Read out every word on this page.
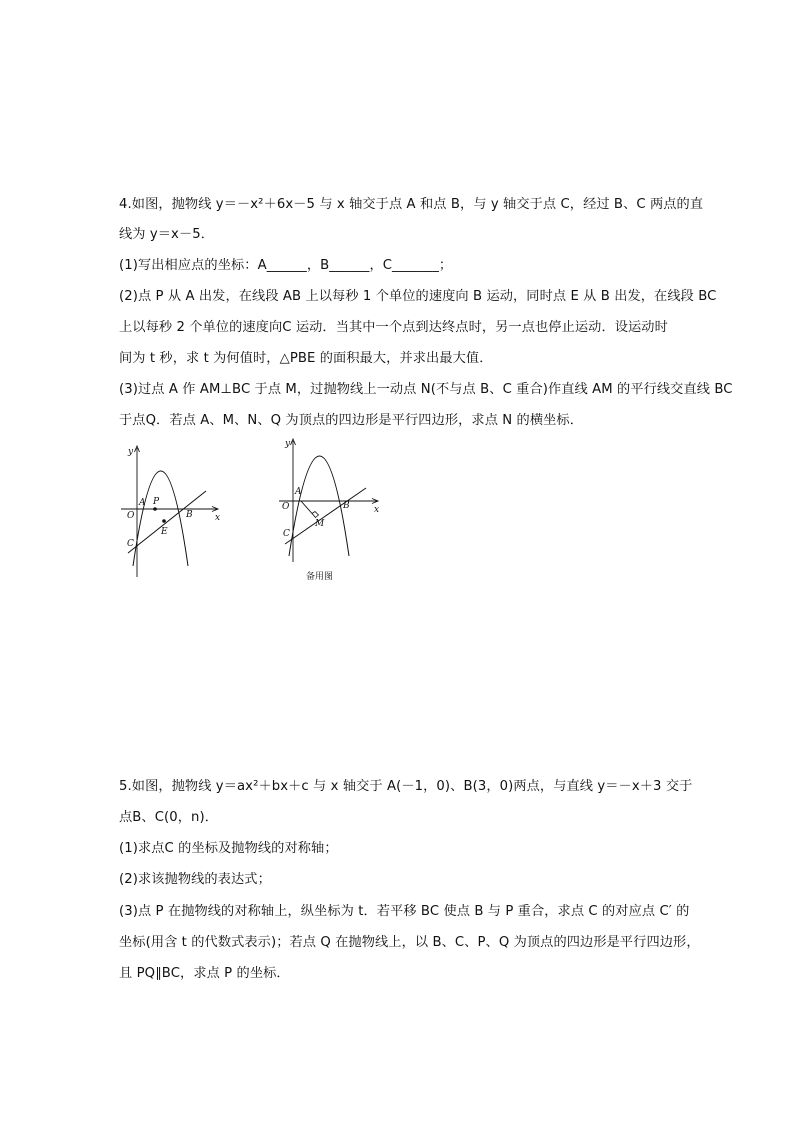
4.如图，抛物线 y＝－x²＋6x－5 与 x 轴交于点 A 和点 B，与 y 轴交于点 C，经过 B、C 两点的直
线为 y＝x－5．
(1)写出相应点的坐标：A______，B______，C_______；
(2)点 P 从 A 出发，在线段 AB 上以每秒 1 个单位的速度向 B 运动，同时点 E 从 B 出发，在线段 BC
上以每秒 2 个单位的速度向C 运动．当其中一个点到达终点时，另一点也停止运动．设运动时
间为 t 秒，求 t 为何值时，△PBE 的面积最大，并求出最大值．
(3)过点 A 作 AM⊥BC 于点 M，过抛物线上一动点 N(不与点 B、C 重合)作直线 AM 的平行线交直线 BC
于点Q．若点 A、M、N、Q 为顶点的四边形是平行四边形，求点 N 的横坐标．
y
x
O
A P
B
E
C
y
x
O
A
B
M
C
备用图
5.如图，抛物线 y＝ax²＋bx＋c 与 x 轴交于 A(－1，0)、B(3，0)两点，与直线 y＝－x＋3 交于
点B、C(0，n)．
(1)求点C 的坐标及抛物线的对称轴；
(2)求该抛物线的表达式；
(3)点 P 在抛物线的对称轴上，纵坐标为 t．若平移 BC 使点 B 与 P 重合，求点 C 的对应点 C′ 的
坐标(用含 t 的代数式表示)；若点 Q 在抛物线上，以 B、C、P、Q 为顶点的四边形是平行四边形，
且 PQ∥BC，求点 P 的坐标．
